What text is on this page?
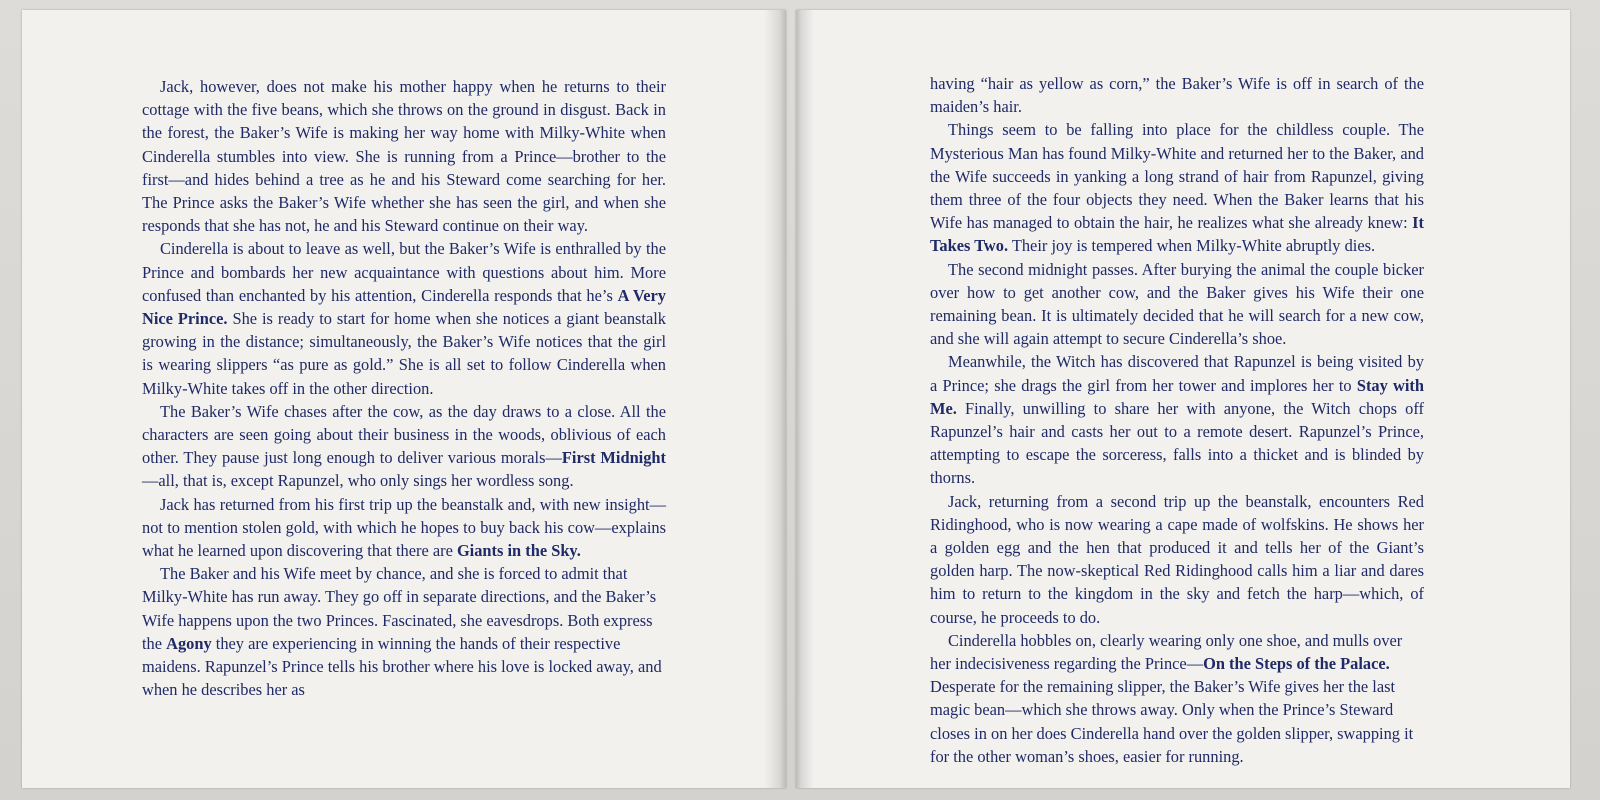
Jack, however, does not make his mother happy when he returns to their cottage with the five beans, which she throws on the ground in disgust. Back in the forest, the Baker’s Wife is making her way home with Milky-White when Cinderella stumbles into view. She is running from a Prince—brother to the first—and hides behind a tree as he and his Steward come searching for her. The Prince asks the Baker’s Wife whether she has seen the girl, and when she responds that she has not, he and his Steward continue on their way.

Cinderella is about to leave as well, but the Baker’s Wife is enthralled by the Prince and bombards her new acquaintance with questions about him. More confused than enchanted by his attention, Cinderella responds that he’s A Very Nice Prince. She is ready to start for home when she notices a giant beanstalk growing in the distance; simultaneously, the Baker’s Wife notices that the girl is wearing slippers “as pure as gold.” She is all set to follow Cinderella when Milky-White takes off in the other direction.

The Baker’s Wife chases after the cow, as the day draws to a close. All the characters are seen going about their business in the woods, oblivious of each other. They pause just long enough to deliver various morals—First Midnight—all, that is, except Rapunzel, who only sings her wordless song.

Jack has returned from his first trip up the beanstalk and, with new insight—not to mention stolen gold, with which he hopes to buy back his cow—explains what he learned upon discovering that there are Giants in the Sky.

The Baker and his Wife meet by chance, and she is forced to admit that Milky-White has run away. They go off in separate directions, and the Baker’s Wife happens upon the two Princes. Fascinated, she eavesdrops. Both express the Agony they are experiencing in winning the hands of their respective maidens. Rapunzel’s Prince tells his brother where his love is locked away, and when he describes her as

having “hair as yellow as corn,” the Baker’s Wife is off in search of the maiden’s hair.

Things seem to be falling into place for the childless couple. The Mysterious Man has found Milky-White and returned her to the Baker, and the Wife succeeds in yanking a long strand of hair from Rapunzel, giving them three of the four objects they need. When the Baker learns that his Wife has managed to obtain the hair, he realizes what she already knew: It Takes Two. Their joy is tempered when Milky-White abruptly dies.

The second midnight passes. After burying the animal the couple bicker over how to get another cow, and the Baker gives his Wife their one remaining bean. It is ultimately decided that he will search for a new cow, and she will again attempt to secure Cinderella’s shoe.

Meanwhile, the Witch has discovered that Rapunzel is being visited by a Prince; she drags the girl from her tower and implores her to Stay with Me. Finally, unwilling to share her with anyone, the Witch chops off Rapunzel’s hair and casts her out to a remote desert. Rapunzel’s Prince, attempting to escape the sorceress, falls into a thicket and is blinded by thorns.

Jack, returning from a second trip up the beanstalk, encounters Red Ridinghood, who is now wearing a cape made of wolfskins. He shows her a golden egg and the hen that produced it and tells her of the Giant’s golden harp. The now-skeptical Red Ridinghood calls him a liar and dares him to return to the kingdom in the sky and fetch the harp—which, of course, he proceeds to do.

Cinderella hobbles on, clearly wearing only one shoe, and mulls over her indecisiveness regarding the Prince—On the Steps of the Palace. Desperate for the remaining slipper, the Baker’s Wife gives her the last magic bean—which she throws away. Only when the Prince’s Steward closes in on her does Cinderella hand over the golden slipper, swapping it for the other woman’s shoes, easier for running.
